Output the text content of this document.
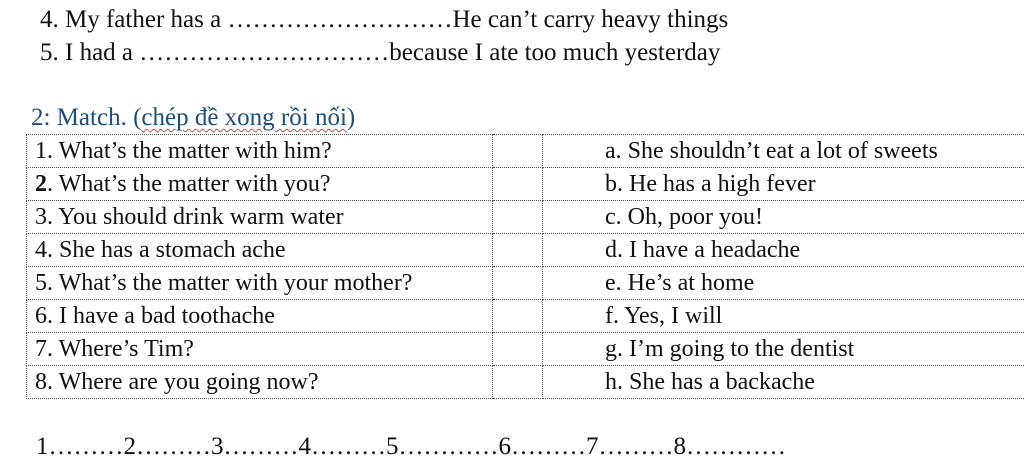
4. My father has a ………………………He can’t carry heavy things
5. I had a …………………………because I ate too much yesterday
2: Match. (chép đề xong rồi nối)
1. What’s the matter with him?		a. She shouldn’t eat a lot of sweets
2. What’s the matter with you?		b. He has a high fever
3. You should drink warm water		c. Oh, poor you!
4. She has a stomach ache		d. I have a headache
5. What’s the matter with your mother?		e. He’s at home
6. I have a bad toothache		f. Yes, I will
7. Where’s Tim?		g. I’m going to the dentist
8. Where are you going now?		h. She has a backache
1………2………3………4………5…………6………7………8…………
